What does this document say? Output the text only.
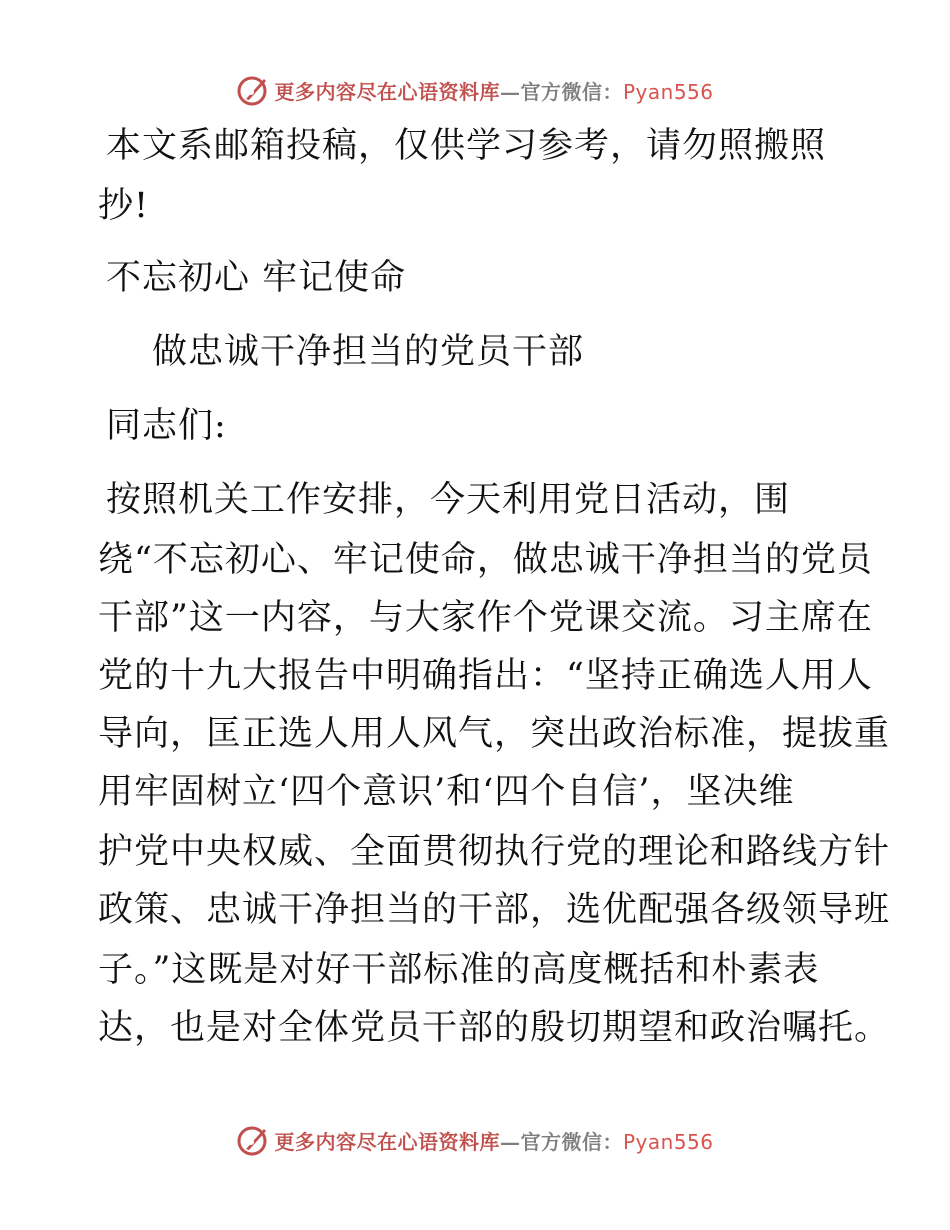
更多内容尽在心语资料库—官方微信：Pyan556
本文系邮箱投稿，仅供学习参考，请勿照搬照
抄!
不忘初心 牢记使命
做忠诚干净担当的党员干部
同志们:
按照机关工作安排，今天利用党日活动，围
绕“不忘初心、牢记使命，做忠诚干净担当的党员
干部”这一内容，与大家作个党课交流。习主席在
党的十九大报告中明确指出：“坚持正确选人用人
导向，匡正选人用人风气，突出政治标准，提拔重
用牢固树立‘四个意识’和‘四个自信’，坚决维
护党中央权威、全面贯彻执行党的理论和路线方针
政策、忠诚干净担当的干部，选优配强各级领导班
子。”这既是对好干部标准的高度概括和朴素表
达，也是对全体党员干部的殷切期望和政治嘱托。
更多内容尽在心语资料库—官方微信：Pyan556
